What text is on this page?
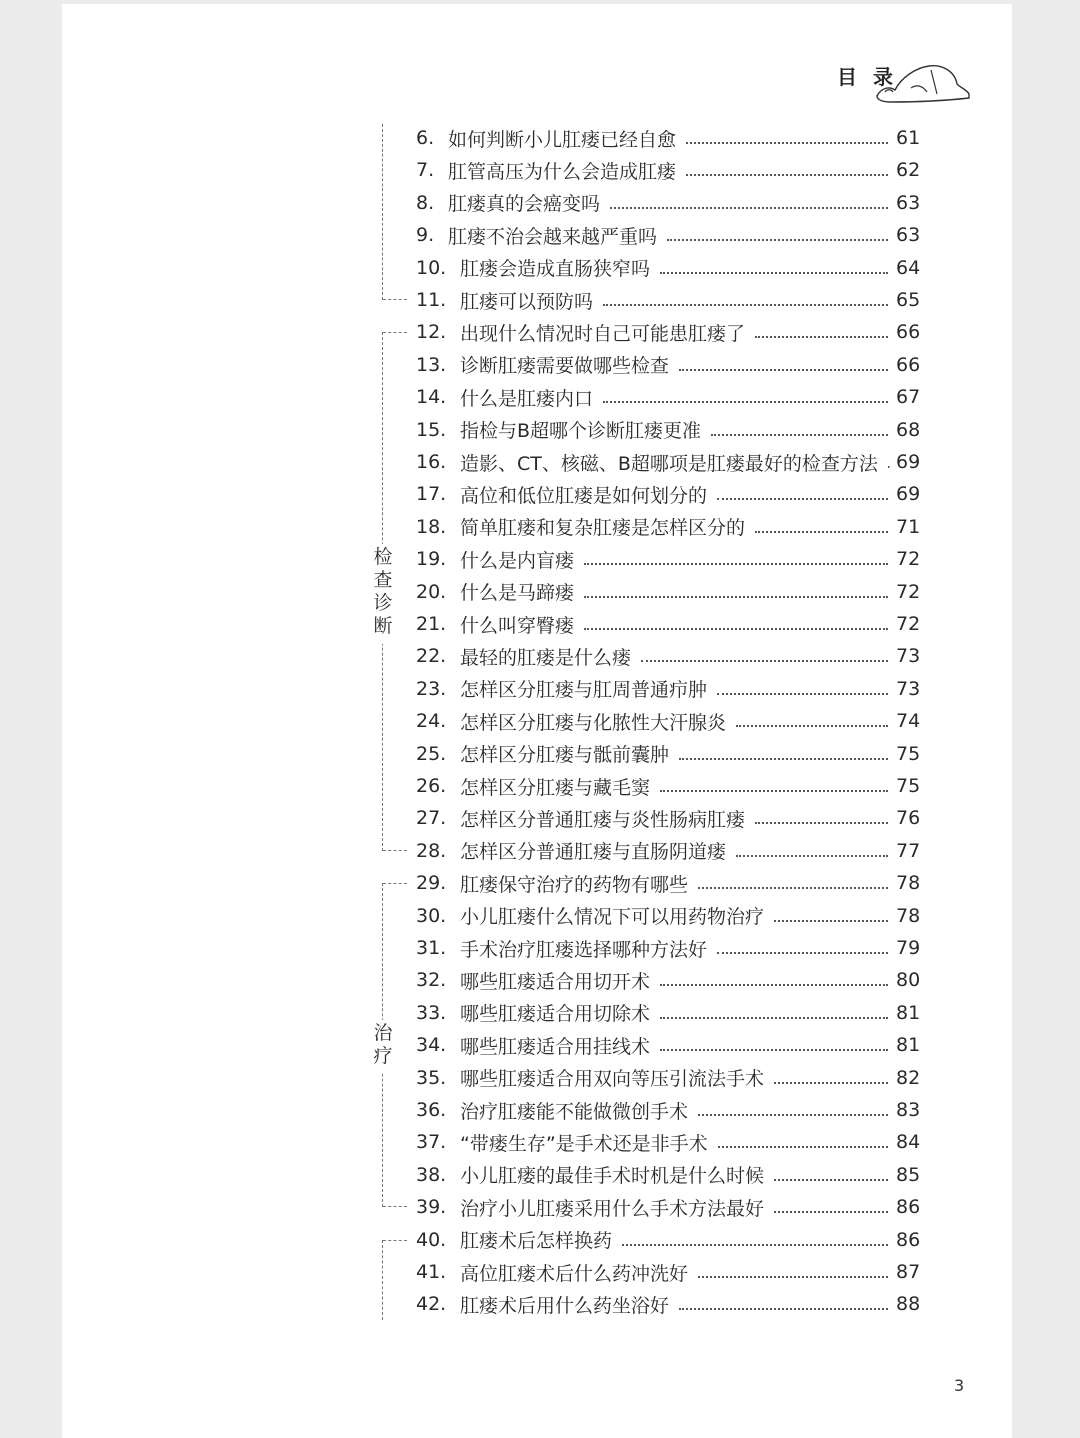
目录
检查诊断
治疗
6. 如何判断小儿肛瘘已经自愈	61
7. 肛管高压为什么会造成肛瘘	62
8. 肛瘘真的会癌变吗	63
9. 肛瘘不治会越来越严重吗	63
10. 肛瘘会造成直肠狭窄吗	64
11. 肛瘘可以预防吗	65
12. 出现什么情况时自己可能患肛瘘了	66
13. 诊断肛瘘需要做哪些检查	66
14. 什么是肛瘘内口	67
15. 指检与B超哪个诊断肛瘘更准	68
16. 造影、CT、核磁、B超哪项是肛瘘最好的检查方法 69
17. 高位和低位肛瘘是如何划分的	69
18. 简单肛瘘和复杂肛瘘是怎样区分的	71
19. 什么是内盲瘘	72
20. 什么是马蹄瘘	72
21. 什么叫穿臀瘘	72
22. 最轻的肛瘘是什么瘘	73
23. 怎样区分肛瘘与肛周普通疖肿	73
24. 怎样区分肛瘘与化脓性大汗腺炎	74
25. 怎样区分肛瘘与骶前囊肿	75
26. 怎样区分肛瘘与藏毛窦	75
27. 怎样区分普通肛瘘与炎性肠病肛瘘	76
28. 怎样区分普通肛瘘与直肠阴道瘘	77
29. 肛瘘保守治疗的药物有哪些	78
30. 小儿肛瘘什么情况下可以用药物治疗	78
31. 手术治疗肛瘘选择哪种方法好	79
32. 哪些肛瘘适合用切开术	80
33. 哪些肛瘘适合用切除术	81
34. 哪些肛瘘适合用挂线术	81
35. 哪些肛瘘适合用双向等压引流法手术	82
36. 治疗肛瘘能不能做微创手术	83
37. “带瘘生存”是手术还是非手术	84
38. 小儿肛瘘的最佳手术时机是什么时候	85
39. 治疗小儿肛瘘采用什么手术方法最好	86
40. 肛瘘术后怎样换药	86
41. 高位肛瘘术后什么药冲洗好	87
42. 肛瘘术后用什么药坐浴好	88
3
